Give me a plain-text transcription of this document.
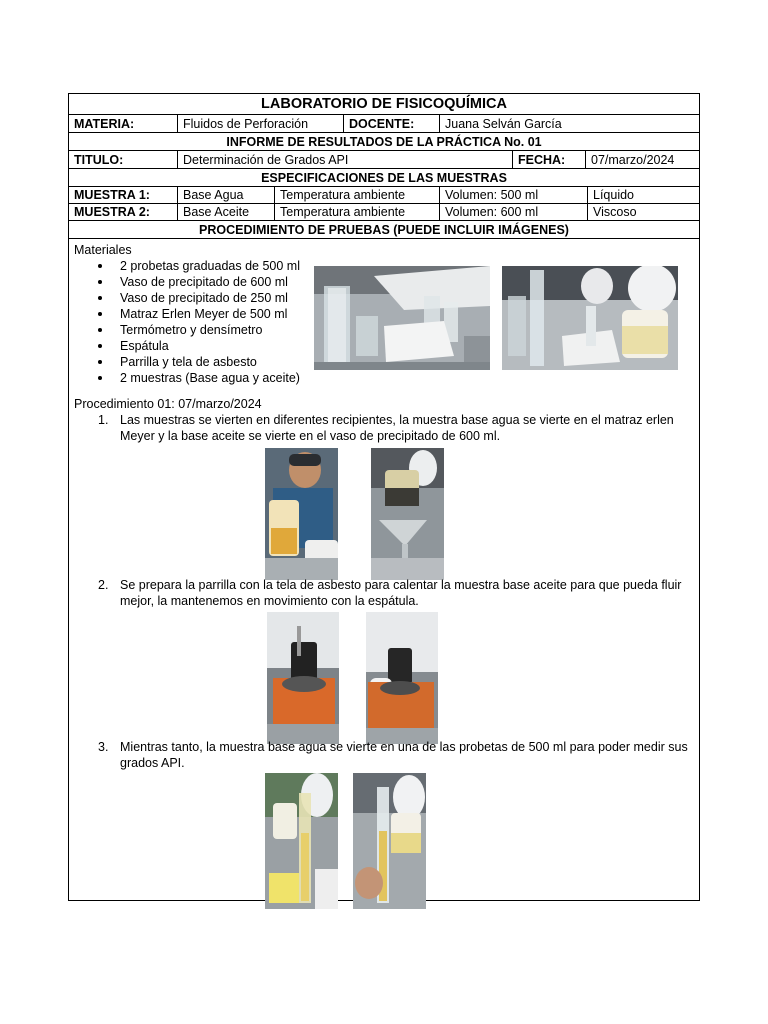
LABORATORIO DE FISICOQUÍMICA
MATERIA:	Fluidos de Perforación	DOCENTE:	Juana Selván García
INFORME DE RESULTADOS DE LA PRÁCTICA No. 01
TITULO:	Determinación de Grados API	FECHA:	07/marzo/2024
ESPECIFICACIONES DE LAS MUESTRAS
MUESTRA 1:	Base Agua	Temperatura ambiente	Volumen: 500 ml	Líquido
MUESTRA 2:	Base Aceite	Temperatura ambiente	Volumen: 600 ml	Viscoso
PROCEDIMIENTO DE PRUEBAS (PUEDE INCLUIR IMÁGENES)
Materiales
2 probetas graduadas de 500 ml
Vaso de precipitado de 600 ml
Vaso de precipitado de 250 ml
Matraz Erlen Meyer de 500 ml
Termómetro y densímetro
Espátula
Parrilla y tela de asbesto
2 muestras (Base agua y aceite)
Procedimiento 01: 07/marzo/2024
1. Las muestras se vierten en diferentes recipientes, la muestra base agua se vierte en el matraz erlen Meyer y la base aceite se vierte en el vaso de precipitado de 600 ml.
2. Se prepara la parrilla con la tela de asbesto para calentar la muestra base aceite para que pueda fluir mejor, la mantenemos en movimiento con la espátula.
3. Mientras tanto, la muestra base agua se vierte en una de las probetas de 500 ml para poder medir sus grados API.
